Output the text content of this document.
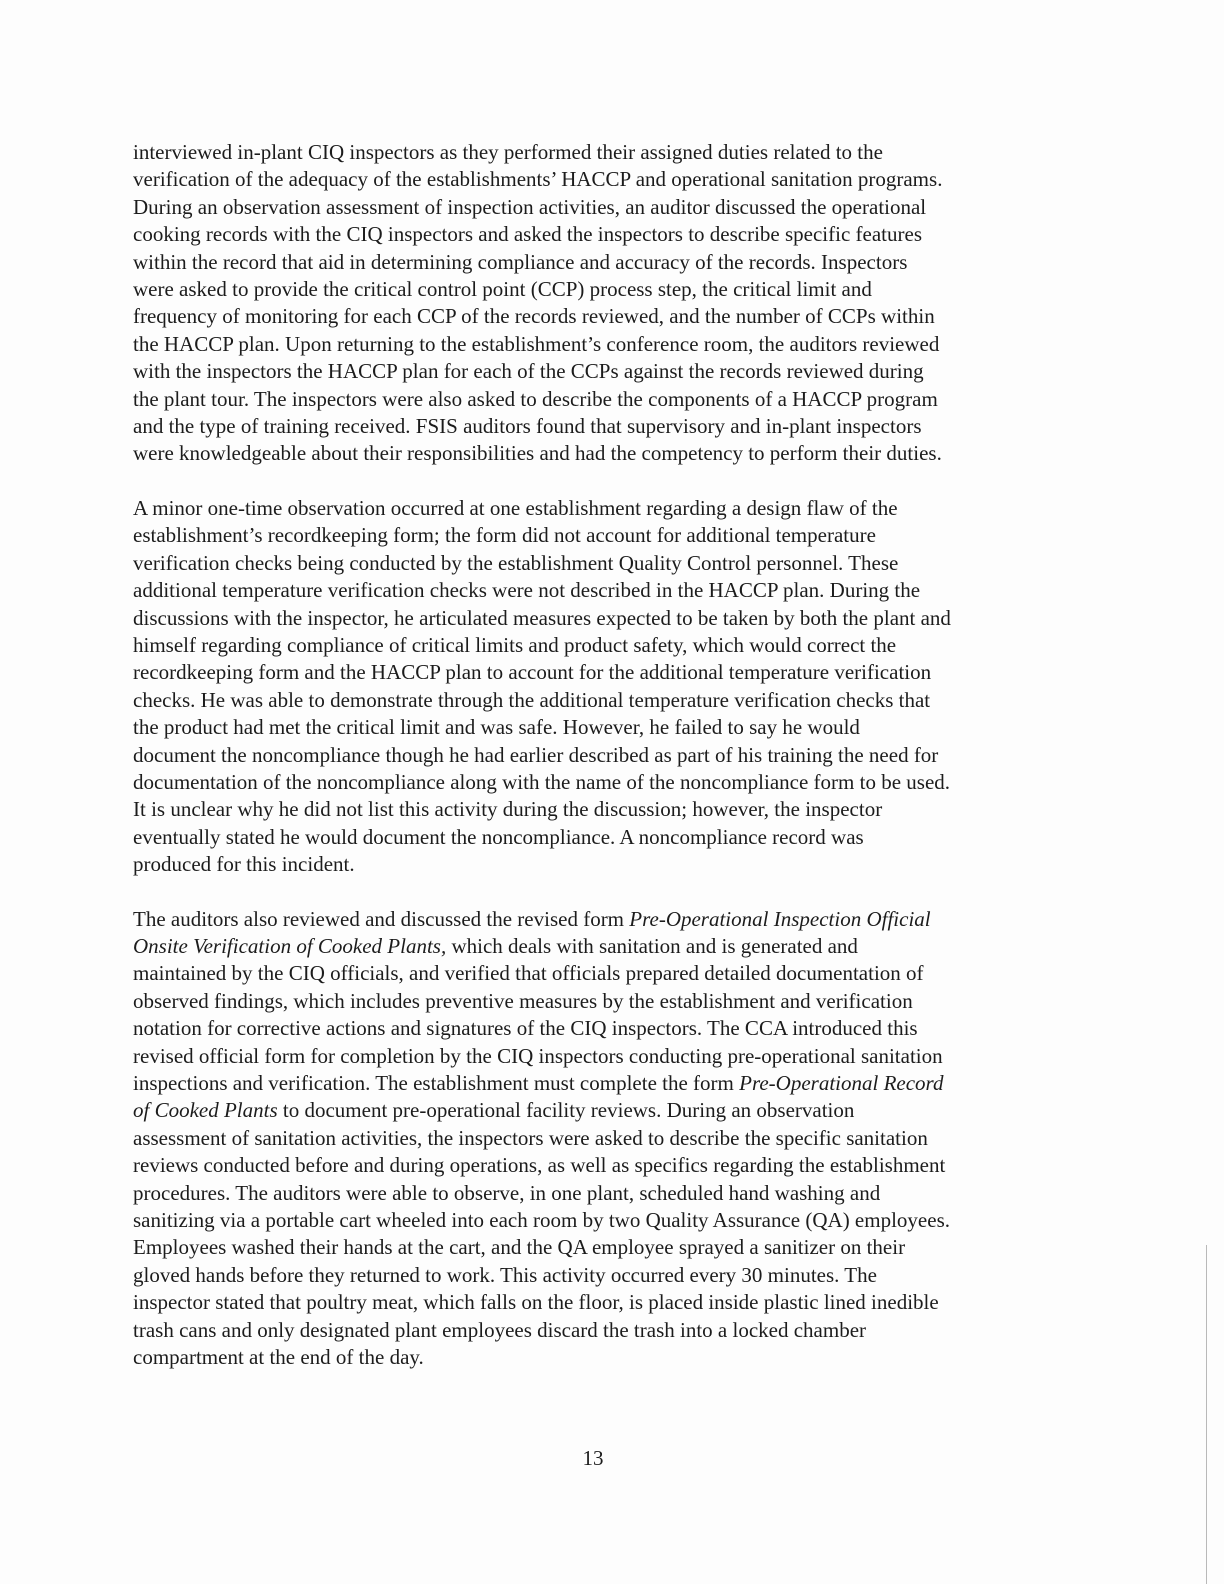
interviewed in-plant CIQ inspectors as they performed their assigned duties related to the
verification of the adequacy of the establishments’ HACCP and operational sanitation programs.
During an observation assessment of inspection activities, an auditor discussed the operational
cooking records with the CIQ inspectors and asked the inspectors to describe specific features
within the record that aid in determining compliance and accuracy of the records. Inspectors
were asked to provide the critical control point (CCP) process step, the critical limit and
frequency of monitoring for each CCP of the records reviewed, and the number of CCPs within
the HACCP plan. Upon returning to the establishment’s conference room, the auditors reviewed
with the inspectors the HACCP plan for each of the CCPs against the records reviewed during
the plant tour. The inspectors were also asked to describe the components of a HACCP program
and the type of training received. FSIS auditors found that supervisory and in-plant inspectors
were knowledgeable about their responsibilities and had the competency to perform their duties.
A minor one-time observation occurred at one establishment regarding a design flaw of the
establishment’s recordkeeping form; the form did not account for additional temperature
verification checks being conducted by the establishment Quality Control personnel. These
additional temperature verification checks were not described in the HACCP plan. During the
discussions with the inspector, he articulated measures expected to be taken by both the plant and
himself regarding compliance of critical limits and product safety, which would correct the
recordkeeping form and the HACCP plan to account for the additional temperature verification
checks. He was able to demonstrate through the additional temperature verification checks that
the product had met the critical limit and was safe. However, he failed to say he would
document the noncompliance though he had earlier described as part of his training the need for
documentation of the noncompliance along with the name of the noncompliance form to be used.
It is unclear why he did not list this activity during the discussion; however, the inspector
eventually stated he would document the noncompliance. A noncompliance record was
produced for this incident.
The auditors also reviewed and discussed the revised form Pre-Operational Inspection Official
Onsite Verification of Cooked Plants, which deals with sanitation and is generated and
maintained by the CIQ officials, and verified that officials prepared detailed documentation of
observed findings, which includes preventive measures by the establishment and verification
notation for corrective actions and signatures of the CIQ inspectors. The CCA introduced this
revised official form for completion by the CIQ inspectors conducting pre-operational sanitation
inspections and verification. The establishment must complete the form Pre-Operational Record
of Cooked Plants to document pre-operational facility reviews. During an observation
assessment of sanitation activities, the inspectors were asked to describe the specific sanitation
reviews conducted before and during operations, as well as specifics regarding the establishment
procedures. The auditors were able to observe, in one plant, scheduled hand washing and
sanitizing via a portable cart wheeled into each room by two Quality Assurance (QA) employees.
Employees washed their hands at the cart, and the QA employee sprayed a sanitizer on their
gloved hands before they returned to work. This activity occurred every 30 minutes. The
inspector stated that poultry meat, which falls on the floor, is placed inside plastic lined inedible
trash cans and only designated plant employees discard the trash into a locked chamber
compartment at the end of the day.
13
